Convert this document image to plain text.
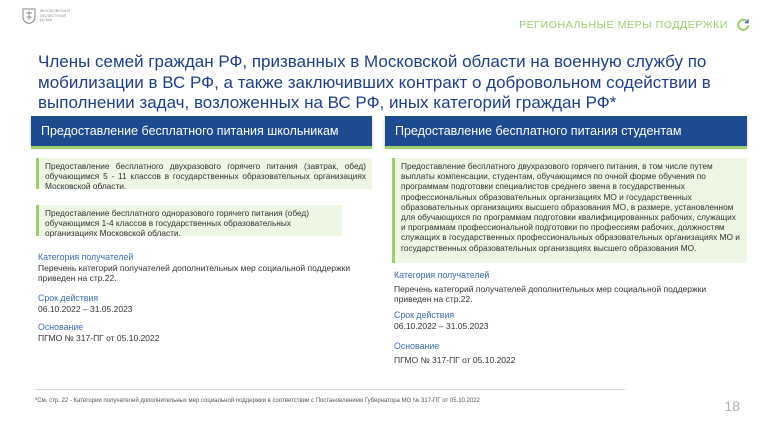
МОСКОВСКАЯ ОБЛАСТНАЯ ДУМА	РЕГИОНАЛЬНЫЕ МЕРЫ ПОДДЕРЖКИ
Члены семей граждан РФ, призванных в Московской области на военную службу по мобилизации в ВС РФ, а также заключивших контракт о добровольном содействии в выполнении задач, возложенных на ВС РФ, иных категорий граждан РФ*
Предоставление бесплатного питания школьникам
Предоставление бесплатного двухразового горячего питания (завтрак, обед) обучающимся 5 - 11 классов в государственных образовательных организациях Московской области.
Предоставление бесплатного одноразового горячего питания (обед) обучающимся 1-4 классов в государственных образовательных организациях Московской области.
Категория получателей
Перечень категорий получателей дополнительных мер социальной поддержки приведен на стр.22.
Срок действия
06.10.2022 – 31.05.2023
Основание
ПГМО № 317-ПГ от 05.10.2022
Предоставление бесплатного питания студентам
Предоставление бесплатного двухразового горячего питания, в том числе путем выплаты компенсации, студентам, обучающимся по очной форме обучения по программам подготовки специалистов среднего звена в государственных профессиональных образовательных организациях МО и государственных образовательных организациях высшего образования МО, в размере, установленном для обучающихся по программам подготовки квалифицированных рабочих, служащих и программам профессиональной подготовки по профессиям рабочих, должностям служащих в государственных профессиональных образовательных организациях МО и государственных образовательных организациях высшего образования МО.
Категория получателей
Перечень категорий получателей дополнительных мер социальной поддержки приведен на стр.22.
Срок действия
06.10.2022 – 31.05.2023
Основание
ПГМО № 317-ПГ от 05.10.2022
*См. стр. 22 - Категории получателей дополнительных мер социальной поддержки в соответствии с Постановлением Губернатора МО № 317-ПГ от 05.10.2022	18
